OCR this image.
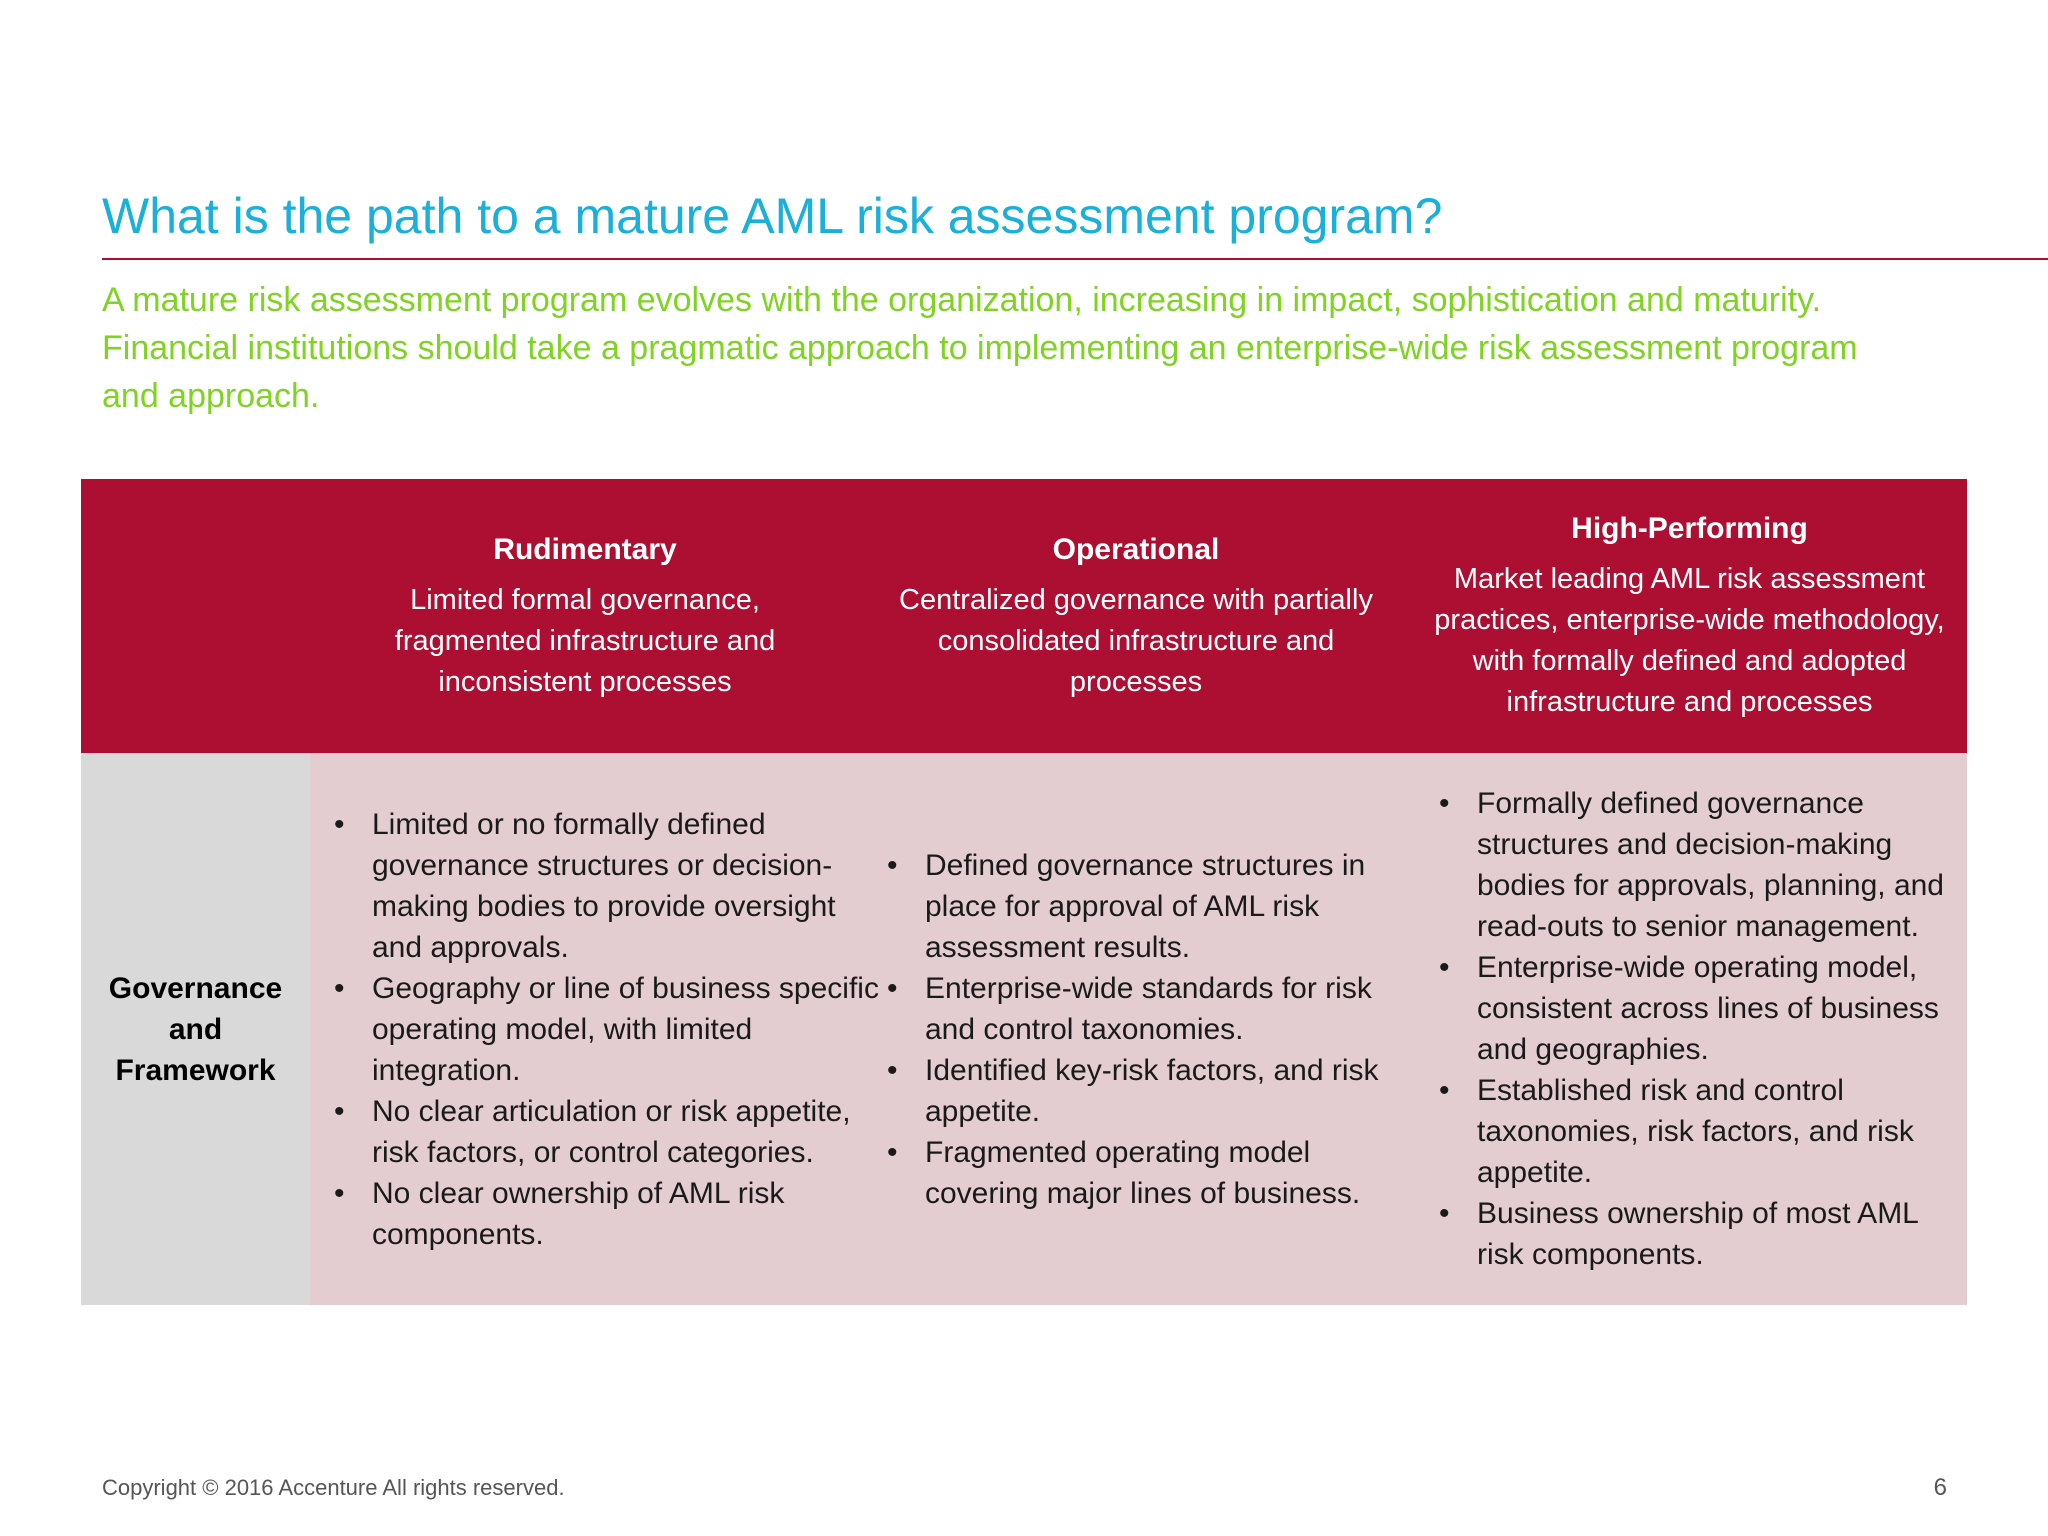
What is the path to a mature AML risk assessment program?
A mature risk assessment program evolves with the organization, increasing in impact, sophistication and maturity. Financial institutions should take a pragmatic approach to implementing an enterprise-wide risk assessment program and approach.
Rudimentary
Limited formal governance, fragmented infrastructure and inconsistent processes
Operational
Centralized governance with partially consolidated infrastructure and processes
High-Performing
Market leading AML risk assessment practices, enterprise-wide methodology, with formally defined and adopted infrastructure and processes
Governance and Framework
• Limited or no formally defined governance structures or decision-making bodies to provide oversight and approvals.
• Geography or line of business specific operating model, with limited integration.
• No clear articulation or risk appetite, risk factors, or control categories.
• No clear ownership of AML risk components.
• Defined governance structures in place for approval of AML risk assessment results.
• Enterprise-wide standards for risk and control taxonomies.
• Identified key-risk factors, and risk appetite.
• Fragmented operating model covering major lines of business.
• Formally defined governance structures and decision-making bodies for approvals, planning, and read-outs to senior management.
• Enterprise-wide operating model, consistent across lines of business and geographies.
• Established risk and control taxonomies, risk factors, and risk appetite.
• Business ownership of most AML risk components.
Copyright © 2016 Accenture All rights reserved.	6
